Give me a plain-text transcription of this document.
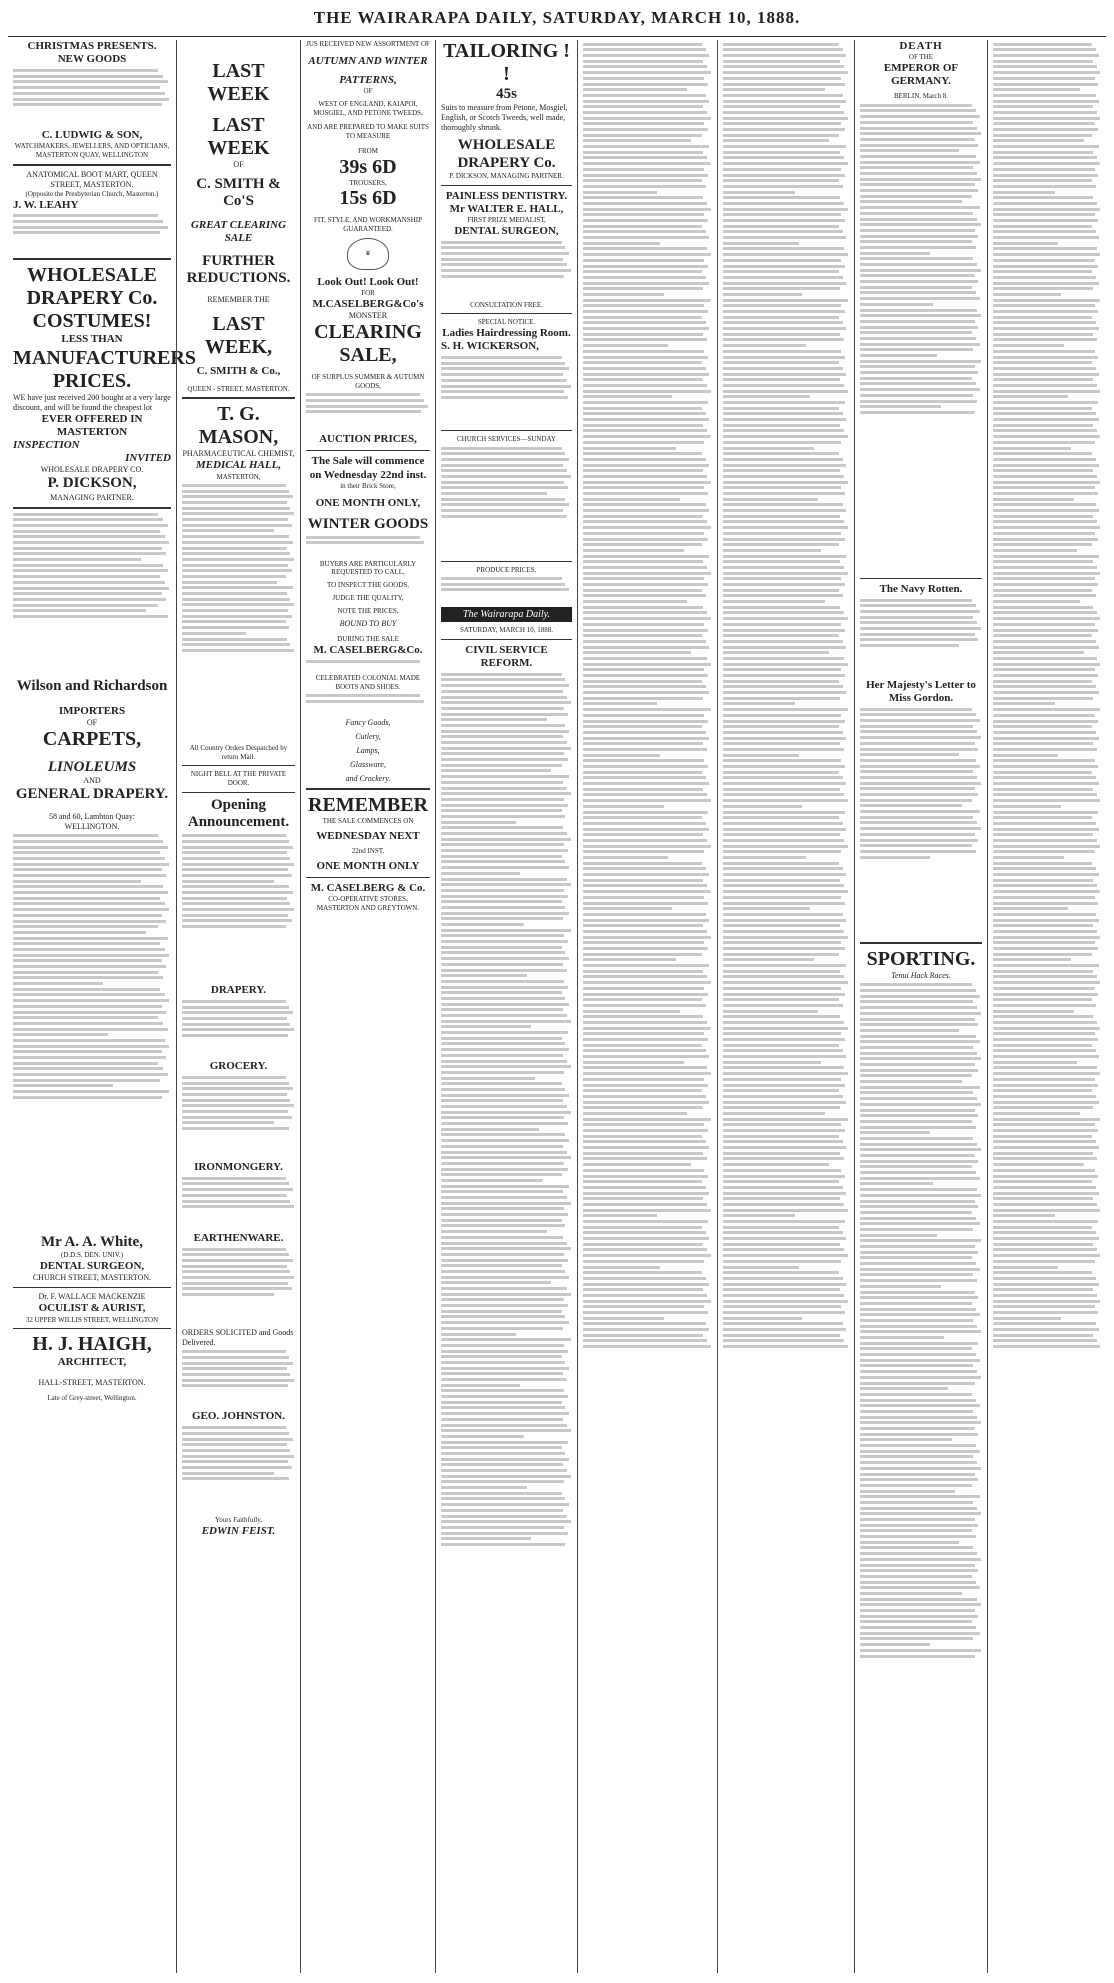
THE WAIRARAPA DAILY, SATURDAY, MARCH 10, 1888.
CHRISTMAS PRESENTS.
NEW GOODS
C. LUDWIG & SON,
WATCHMAKERS, JEWELLERS, AND OPTICIANS,
MASTERTON QUAY, WELLINGTON
ANATOMICAL BOOT MART, QUEEN STREET, MASTERTON.
(Opposite the Presbyterian Church, Masterton.)
J. W. LEAHY
WHOLESALE DRAPERY Co.
COSTUMES!
LESS THAN
MANUFACTURERS PRICES.
WE have just received 200 bought at a very large discount, and will be found the cheapest lot
EVER OFFERED IN MASTERTON
INSPECTION
INVITED
WHOLESALE DRAPERY CO.
P. DICKSON,
MANAGING PARTNER.
Wilson and Richardson
IMPORTERS
OF
CARPETS,
LINOLEUMS
AND
GENERAL DRAPERY.
58 and 60, Lambton Quay:
WELLINGTON.
Mr A. A. White,
(D.D.S. DEN. UNIV.)
DENTAL SURGEON,
CHURCH STREET, MASTERTON.
Dr. F. WALLACE MACKENZIE
OCULIST & AURIST,
32 UPPER WILLIS STREET, WELLINGTON
H. J. HAIGH,
ARCHITECT,
HALL-STREET, MASTERTON.
Late of Grey-street, Wellington.
LAST WEEK
LAST WEEK
OF
C. SMITH & Co'S
GREAT CLEARING SALE
FURTHER REDUCTIONS.
REMEMBER THE
LAST WEEK,
C. SMITH & Co.,
QUEEN - STREET, MASTERTON.
T. G. MASON,
PHARMACEUTICAL CHEMIST,
MEDICAL HALL,
MASTERTON,
All Country Orders Despatched by return Mail.
NIGHT BELL AT THE PRIVATE DOOR.
Opening Announcement.
DRAPERY.
GROCERY.
IRONMONGERY.
EARTHENWARE.
ORDERS SOLICITED and Goods Delivered.
GEO. JOHNSTON.
Yours Faithfully,
EDWIN FEIST.
JUS RECEIVED NEW ASSORTMENT OF
AUTUMN AND WINTER
PATTERNS,
OF
WEST OF ENGLAND, KAIAPOI, MOSGIEL, AND PETONE TWEEDS,
AND ARE PREPARED TO MAKE SUITS TO MEASURE
FROM
39s 6D
TROUSERS,
15s 6D
FIT, STYLE, AND WORKMANSHIP GUARANTEED.
♛
Look Out! Look Out!
FOR
M.CASELBERG&Co's
MONSTER
CLEARING
SALE,
OF SURPLUS SUMMER & AUTUMN GOODS,
AUCTION PRICES,
The Sale will commence on Wednesday 22nd inst.
in their Brick Store,
ONE MONTH ONLY,
WINTER GOODS
BUYERS ARE PARTICULARLY REQUESTED TO CALL,
TO INSPECT THE GOODS,
JUDGE THE QUALITY,
NOTE THE PRICES,
BOUND TO BUY
DURING THE SALE
M. CASELBERG&Co.
CELEBRATED COLONIAL MADE BOOTS AND SHOES.
Fancy Goods,
Cutlery,
Lamps,
Glassware,
and Crockery.
REMEMBER
THE SALE COMMENCES ON
WEDNESDAY NEXT
22nd INST.
ONE MONTH ONLY
M. CASELBERG & Co.
CO-OPERATIVE STORES,
MASTERTON AND GREYTOWN.
TAILORING ! !
45s
Suits to measure from Petone, Mosgiel, English, or Scotch Tweeds, well made, thoroughly shrunk.
WHOLESALE
DRAPERY Co.
P. DICKSON, MANAGING PARTNER.
PAINLESS DENTISTRY.
Mr WALTER E. HALL,
FIRST PRIZE MEDALIST,
DENTAL SURGEON,
CONSULTATION FREE.
SPECIAL NOTICE.
Ladies Hairdressing Room.
S. H. WICKERSON,
CHURCH SERVICES—SUNDAY
PRODUCE PRICES.
The Wairarapa Daily.
SATURDAY, MARCH 10, 1888.
CIVIL SERVICE REFORM.
DEATH
OF THE
EMPEROR OF GERMANY.
BERLIN, March 8.
The Navy Rotten.
Her Majesty's Letter to Miss Gordon.
SPORTING.
Tenui Hack Races.
